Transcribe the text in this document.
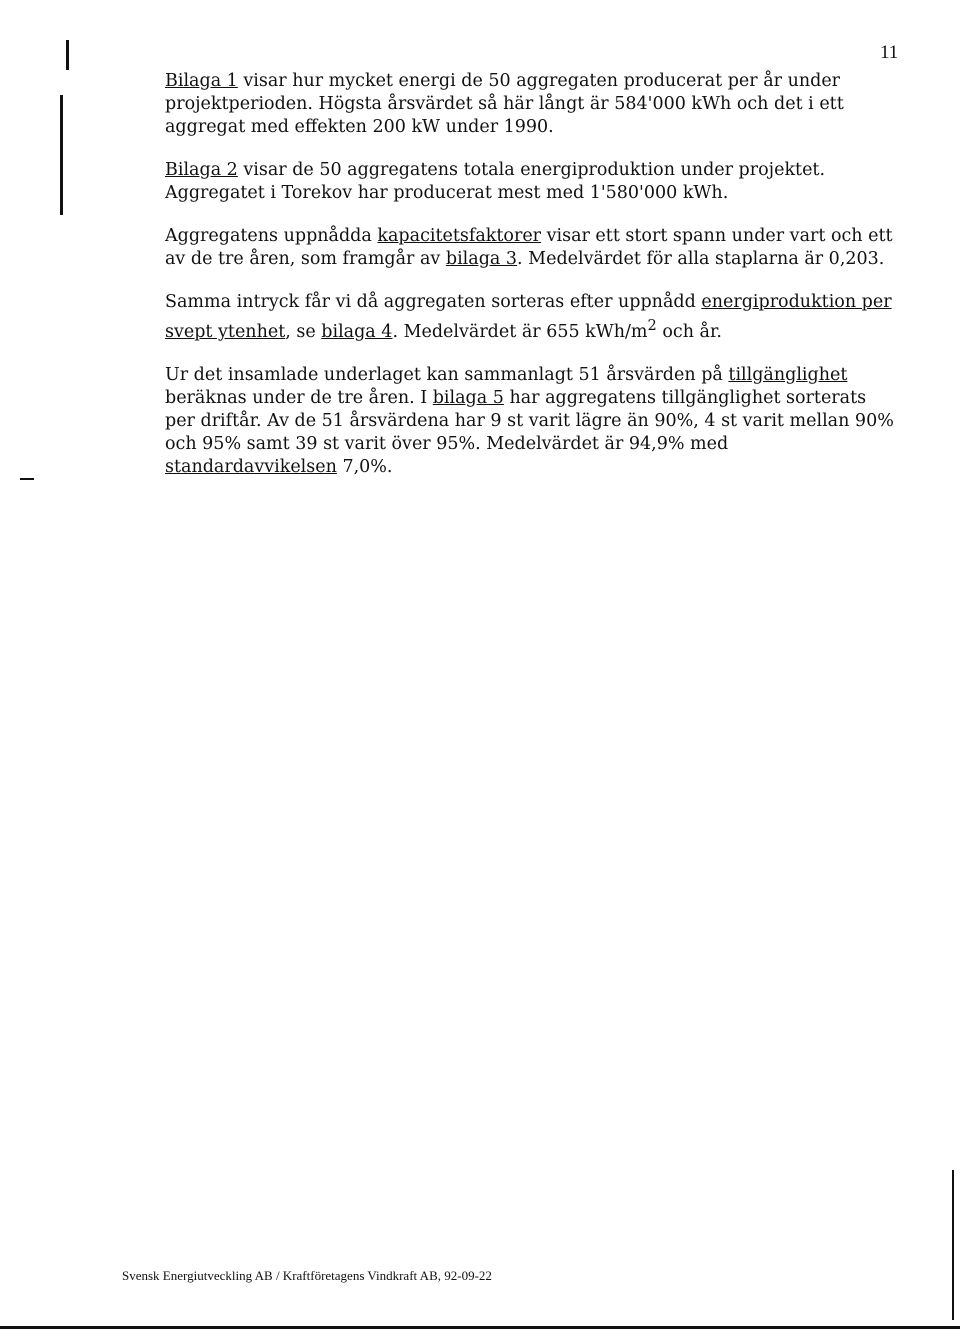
11

Bilaga 1 visar hur mycket energi de 50 aggregaten producerat per år under projektperioden. Högsta årsvärdet så här långt är 584'000 kWh och det i ett aggregat med effekten 200 kW under 1990.

Bilaga 2 visar de 50 aggregatens totala energiproduktion under projektet. Aggregatet i Torekov har producerat mest med 1'580'000 kWh.

Aggregatens uppnådda kapacitetsfaktorer visar ett stort spann under vart och ett av de tre åren, som framgår av bilaga 3. Medelvärdet för alla staplarna är 0,203.

Samma intryck får vi då aggregaten sorteras efter uppnådd energiproduktion per svept ytenhet, se bilaga 4. Medelvärdet är 655 kWh/$m^2$ och år.

Ur det insamlade underlaget kan sammanlagt 51 årsvärden på tillgänglighet beräknas under de tre åren. I bilaga 5 har aggregatens tillgänglighet sorterats per driftår. Av de 51 årsvärdena har 9 st varit lägre än 90%, 4 st varit mellan 90% och 95% samt 39 st varit över 95%. Medelvärdet är 94,9% med standardavvikelsen 7,0%.

Svensk Energiutveckling AB / Kraftföretagens Vindkraft AB, 92-09-22
